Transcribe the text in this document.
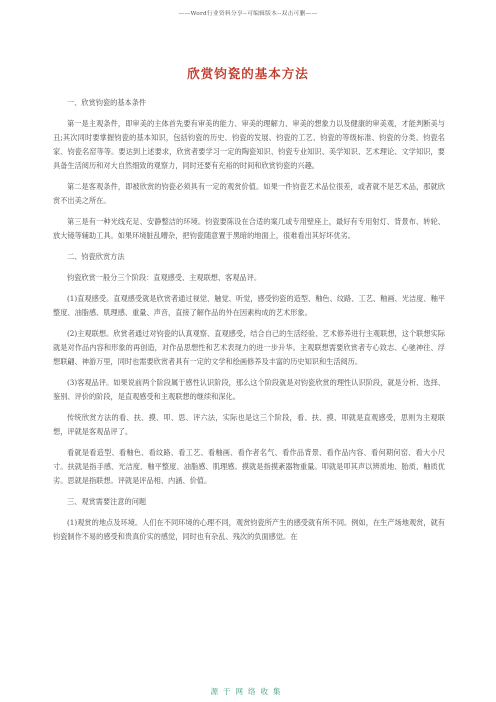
——Word行业资料分享--可编辑版本--双击可删——
欣赏钧瓷的基本方法

一、欣赏钧瓷的基本条件

第一是主观条件，即审美的主体首先要有审美的能力、审美的理解力、审美的想象力以及健康的审美观，才能判断美与丑;其次同时要掌握钧瓷的基本知识，包括钧瓷的历史、钧瓷的发展、钧瓷的工艺、钧瓷的等级标准、钧瓷的分类、钧瓷名家、钧瓷名窑等等。要达到上述要求，欣赏者要学习一定的陶瓷知识、钧瓷专业知识、美学知识、艺术理论、文学知识，要具备生活阅历和对大自然细致的观察力，同时还要有充裕的时间和欣赏钧瓷的兴趣。

第二是客观条件，即被欣赏的钧瓷必须具有一定的观赏价值。如果一件钧瓷艺术品位很差，或者就不是艺术品，那就欣赏不出美之所在。

第三是有一种光线充足、安静整洁的环境。钧瓷要陈设在合适的案几或专用壁座上，最好有专用射灯、背景布、转轮、放大镜等辅助工具。如果环境脏乱嘈杂，把钧瓷随意置于黑暗的地面上，很难看出其好坏优劣。

二、钧瓷欣赏方法

钧瓷欣赏一般分三个阶段：直观感受、主观联想、客观品评。

(1)直观感受。直观感受就是欣赏者通过视觉、触觉、听觉，感受钧瓷的造型、釉色、纹路、工艺、釉画、光洁度、釉平整度、油脂感、肌理感、重量、声音，直接了解作品的外在因素构成的艺术形象。

(2)主观联想。欣赏者通过对钧瓷的认真观察、直观感受，结合自己的生活经验、艺术修养进行主观联想，这个联想实际就是对作品内容和形象的再创造，对作品思想性和艺术表现力的进一步升华。主观联想需要欣赏者专心致志、心驰神往、浮想联翩、神游万里，同时也需要欣赏者具有一定的文学和绘画修养及丰富的历史知识和生活阅历。

(3)客观品评。如果说前两个阶段属于感性认识阶段，那么这个阶段就是对钧瓷欣赏的理性认识阶段，就是分析、选择、鉴别、评价的阶段，是直观感受和主观联想的继续和深化。

传统欣赏方法的看、扶、摸、叩、思、评六法，实际也是这三个阶段，看、扶、摸、叩就是直观感受，思则为主观联想，评就是客观品评了。

看就是看造型、看釉色、看纹路、看工艺、看釉画、看作者名气、看作品背景、看作品内容、看何期何窑、看大小尺寸。扶就是指手感、光洁度、釉平整度、油脂感、肌理感。摸就是指摸紊器物重量。叩就是叩其声以辨质地、胎质、釉质优劣。思就是指联想。评就是评品相、内涵、价值。

三、观赏需要注意的问题

(1)观赏的地点及环境。人们在不同环境的心理不同，观赏钧瓷所产生的感受就有所不同。例如，在生产场地观赏，就有钧瓷制作不易的感受和贵真价实的感觉，同时也有杂乱、残次的负面感觉。在

源于网络收集
